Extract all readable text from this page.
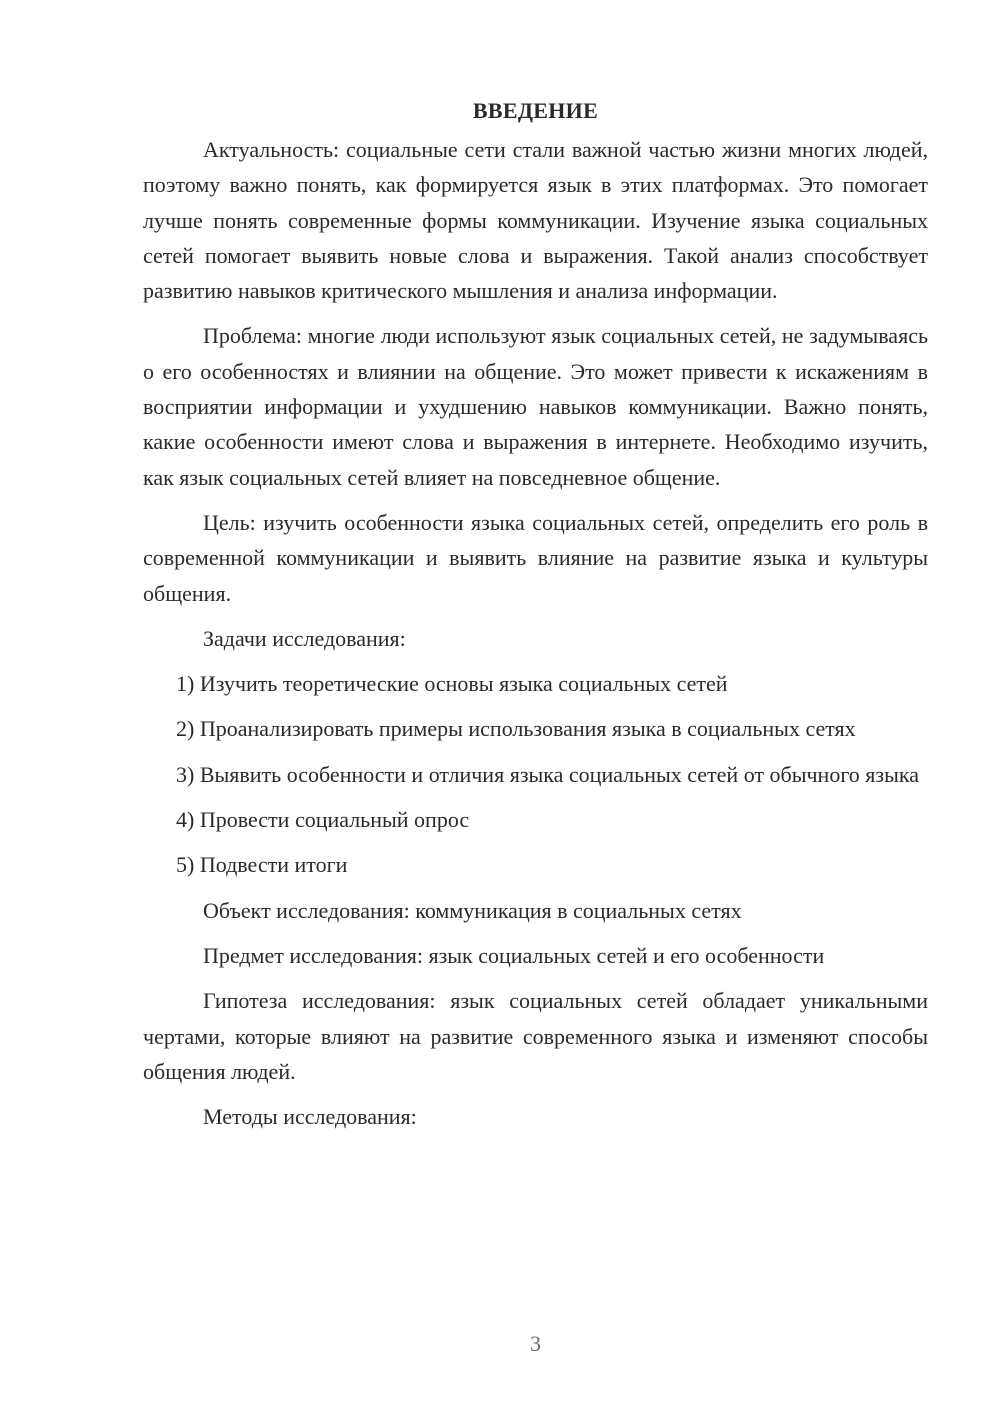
ВВЕДЕНИЕ

Актуальность: социальные сети стали важной частью жизни многих людей, поэтому важно понять, как формируется язык в этих платформах. Это помогает лучше понять современные формы коммуникации. Изучение языка социальных сетей помогает выявить новые слова и выражения. Такой анализ способствует развитию навыков критического мышления и анализа информации.

Проблема: многие люди используют язык социальных сетей, не задумываясь о его особенностях и влиянии на общение. Это может привести к искажениям в восприятии информации и ухудшению навыков коммуникации. Важно понять, какие особенности имеют слова и выражения в интернете. Необходимо изучить, как язык социальных сетей влияет на повседневное общение.

Цель: изучить особенности языка социальных сетей, определить его роль в современной коммуникации и выявить влияние на развитие языка и культуры общения.

Задачи исследования:

1) Изучить теоретические основы языка социальных сетей

2) Проанализировать примеры использования языка в социальных сетях

3) Выявить особенности и отличия языка социальных сетей от обычного языка

4) Провести социальный опрос

5) Подвести итоги

Объект исследования: коммуникация в социальных сетях

Предмет исследования: язык социальных сетей и его особенности

Гипотеза исследования: язык социальных сетей обладает уникальными чертами, которые влияют на развитие современного языка и изменяют способы общения людей.

Методы исследования:

3
